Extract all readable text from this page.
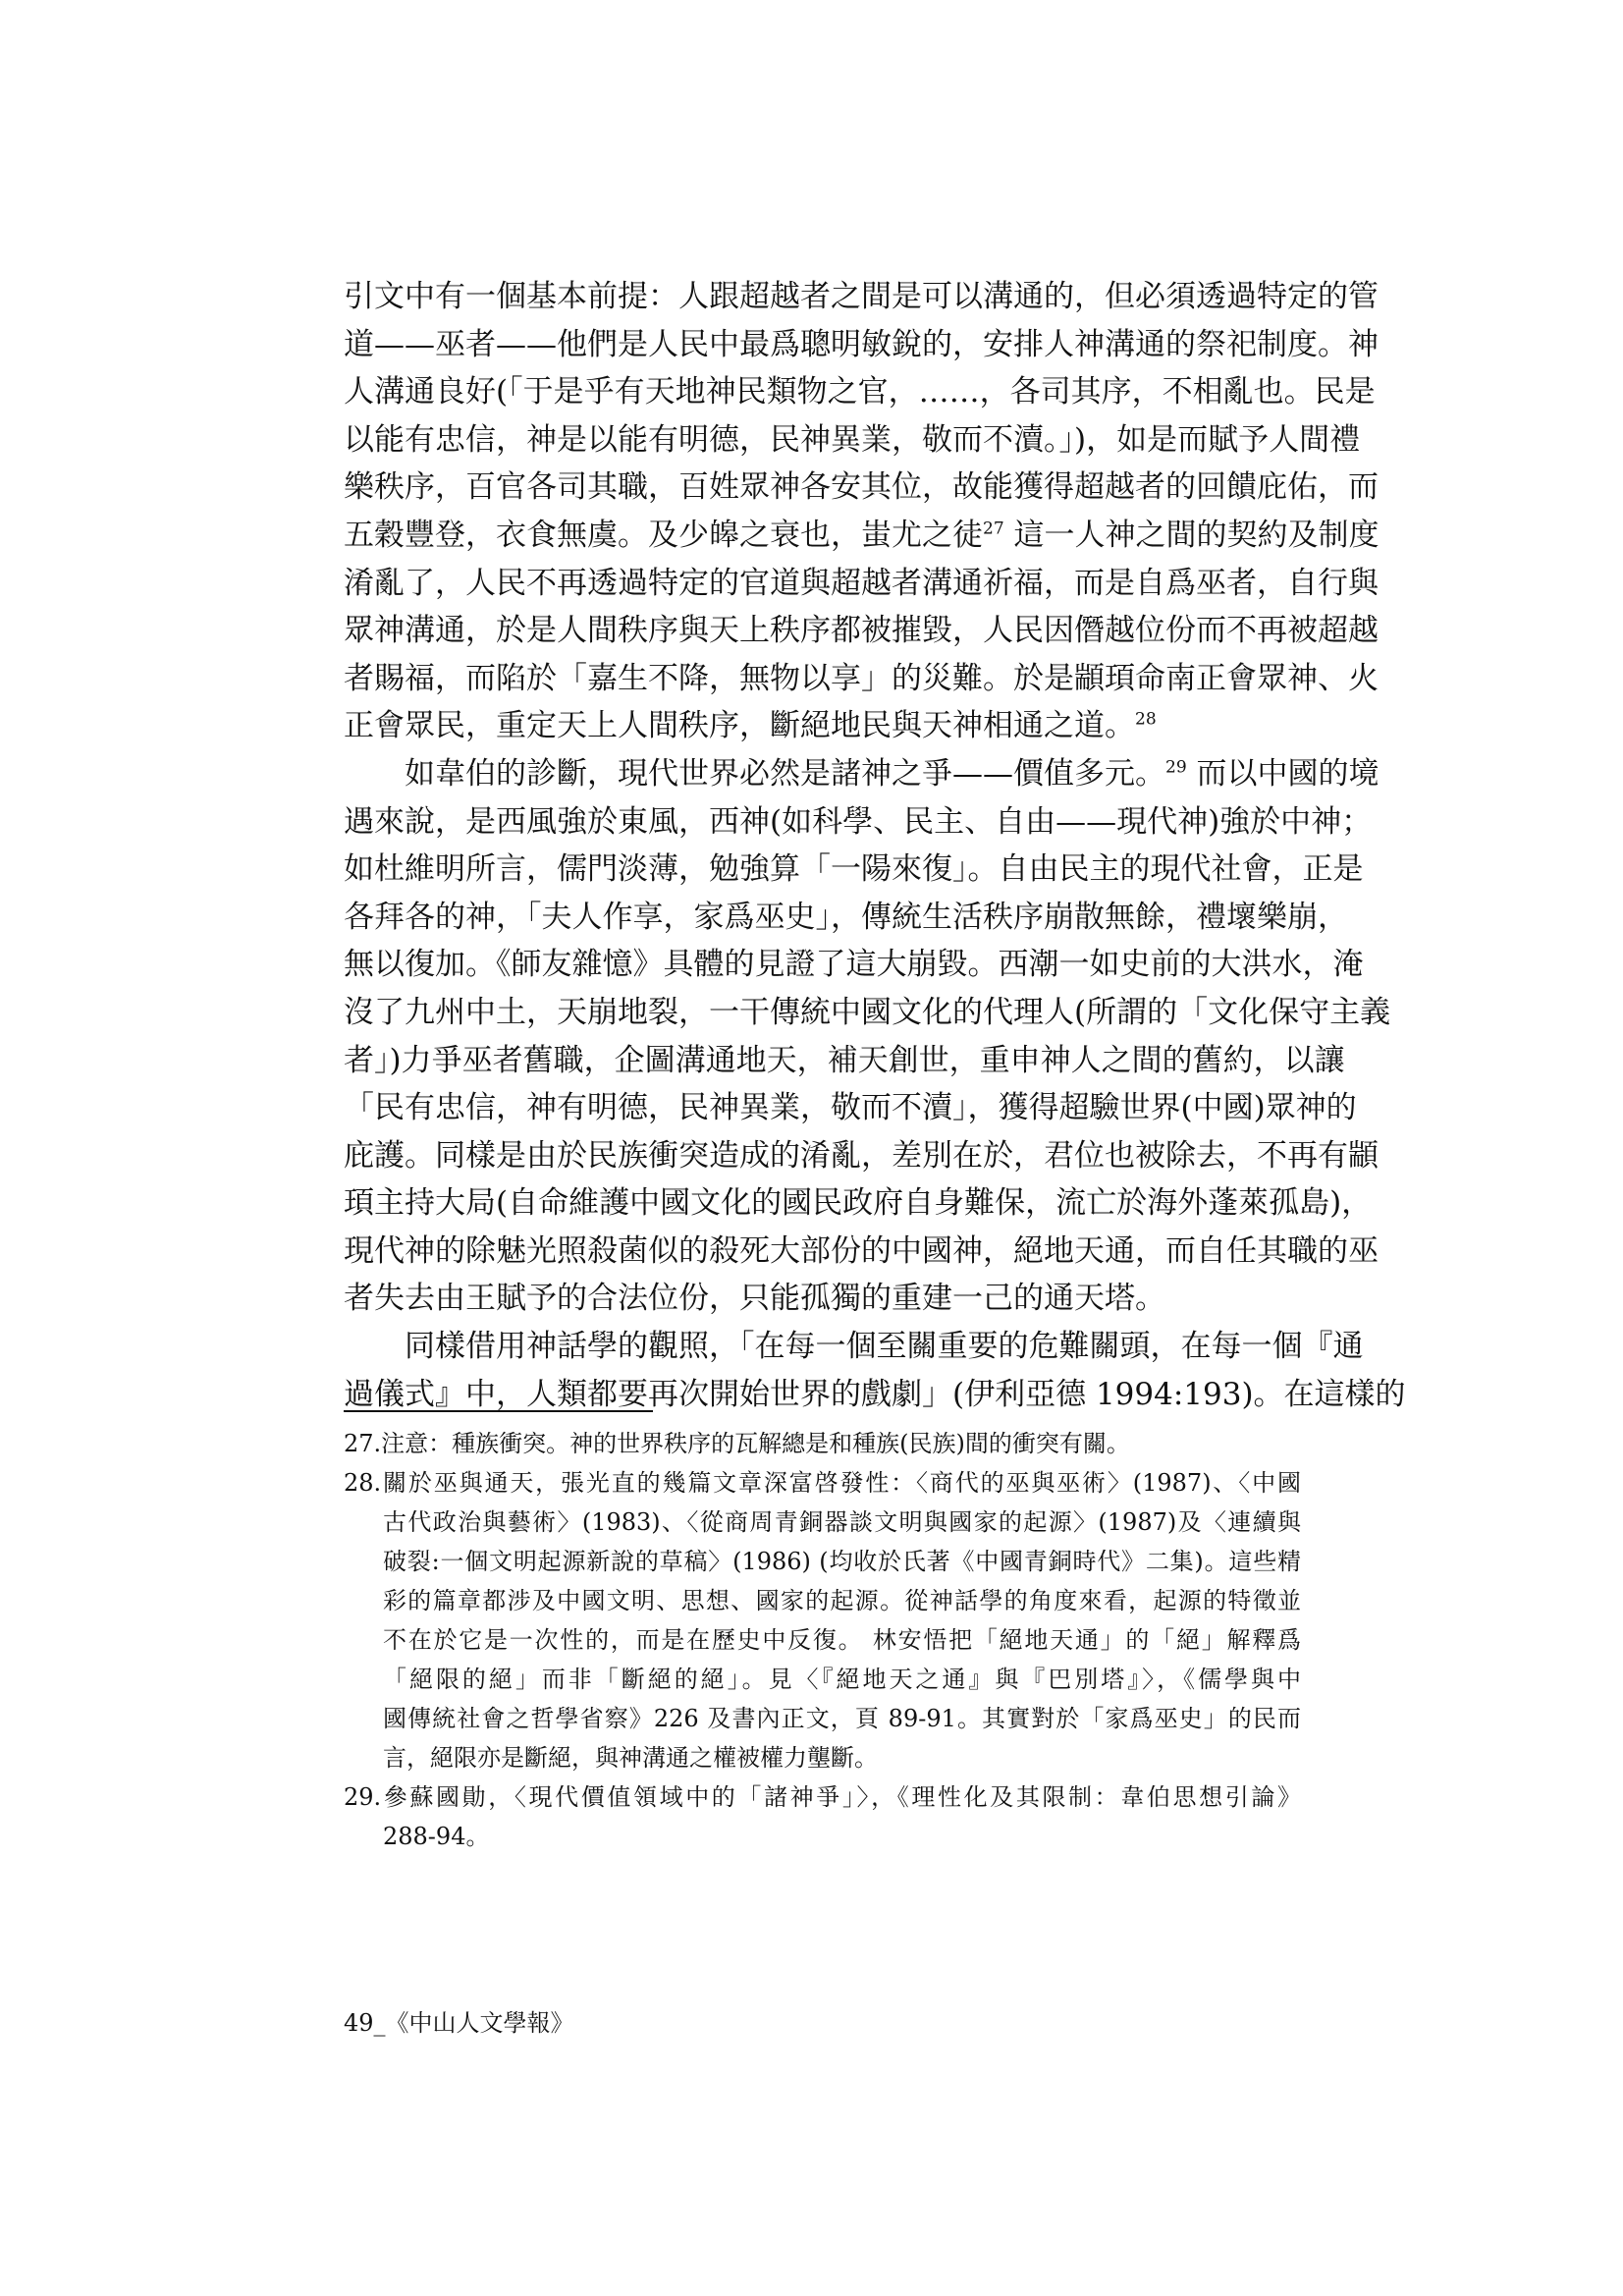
引文中有一個基本前提：人跟超越者之間是可以溝通的，但必須透過特定的管
道——巫者——他們是人民中最爲聰明敏銳的，安排人神溝通的祭祀制度。神
人溝通良好(「于是乎有天地神民類物之官，……，各司其序，不相亂也。民是
以能有忠信，神是以能有明德，民神異業，敬而不瀆。」)，如是而賦予人間禮
樂秩序，百官各司其職，百姓眾神各安其位，故能獲得超越者的回饋庇佑，而
五穀豐登，衣食無虞。及少皞之衰也，蚩尤之徒$^{27}$ 這一人神之間的契約及制度
淆亂了，人民不再透過特定的官道與超越者溝通祈福，而是自爲巫者，自行與
眾神溝通，於是人間秩序與天上秩序都被摧毀，人民因僭越位份而不再被超越
者賜福，而陷於「嘉生不降，無物以享」的災難。於是顓頊命南正會眾神、火
正會眾民，重定天上人間秩序，斷絕地民與天神相通之道。$^{28}$
如韋伯的診斷，現代世界必然是諸神之爭——價值多元。$^{29}$ 而以中國的境
遇來說，是西風強於東風，西神(如科學、民主、自由——現代神)強於中神；
如杜維明所言，儒門淡薄，勉強算「一陽來復」。自由民主的現代社會，正是
各拜各的神，「夫人作享，家爲巫史」，傳統生活秩序崩散無餘，禮壞樂崩，
無以復加。《師友雜憶》具體的見證了這大崩毀。西潮一如史前的大洪水，淹
沒了九州中土，天崩地裂，一干傳統中國文化的代理人(所謂的「文化保守主義
者」)力爭巫者舊職，企圖溝通地天，補天創世，重申神人之間的舊約，以讓
「民有忠信，神有明德，民神異業，敬而不瀆」，獲得超驗世界(中國)眾神的
庇護。同樣是由於民族衝突造成的淆亂，差別在於，君位也被除去，不再有顓
頊主持大局(自命維護中國文化的國民政府自身難保，流亡於海外蓬萊孤島)，
現代神的除魅光照殺菌似的殺死大部份的中國神，絕地天通，而自任其職的巫
者失去由王賦予的合法位份，只能孤獨的重建一己的通天塔。
同樣借用神話學的觀照，「在每一個至關重要的危難關頭，在每一個『通
過儀式』中，人類都要再次開始世界的戲劇」(伊利亞德 1994:193)。在這樣的
27.注意：種族衝突。神的世界秩序的瓦解總是和種族(民族)間的衝突有關。
28.關於巫與通天，張光直的幾篇文章深富啓發性：〈商代的巫與巫術〉(1987)、〈中國
古代政治與藝術〉(1983)、〈從商周青銅器談文明與國家的起源〉(1987)及〈連續與
破裂:一個文明起源新說的草稿〉(1986) (均收於氏著《中國青銅時代》二集)。這些精
彩的篇章都涉及中國文明、思想、國家的起源。從神話學的角度來看，起源的特徵並
不在於它是一次性的，而是在歷史中反復。 林安悟把「絕地天通」的「絕」解釋爲
「絕限的絕」而非「斷絕的絕」。見〈『絕地天之通』與『巴別塔』〉，《儒學與中
國傳統社會之哲學省察》226 及書內正文，頁 89-91。其實對於「家爲巫史」的民而
言，絕限亦是斷絕，與神溝通之權被權力壟斷。
29.參蘇國勛，〈現代價值領域中的「諸神爭」〉，《理性化及其限制：韋伯思想引論》
288-94。
49_《中山人文學報》
